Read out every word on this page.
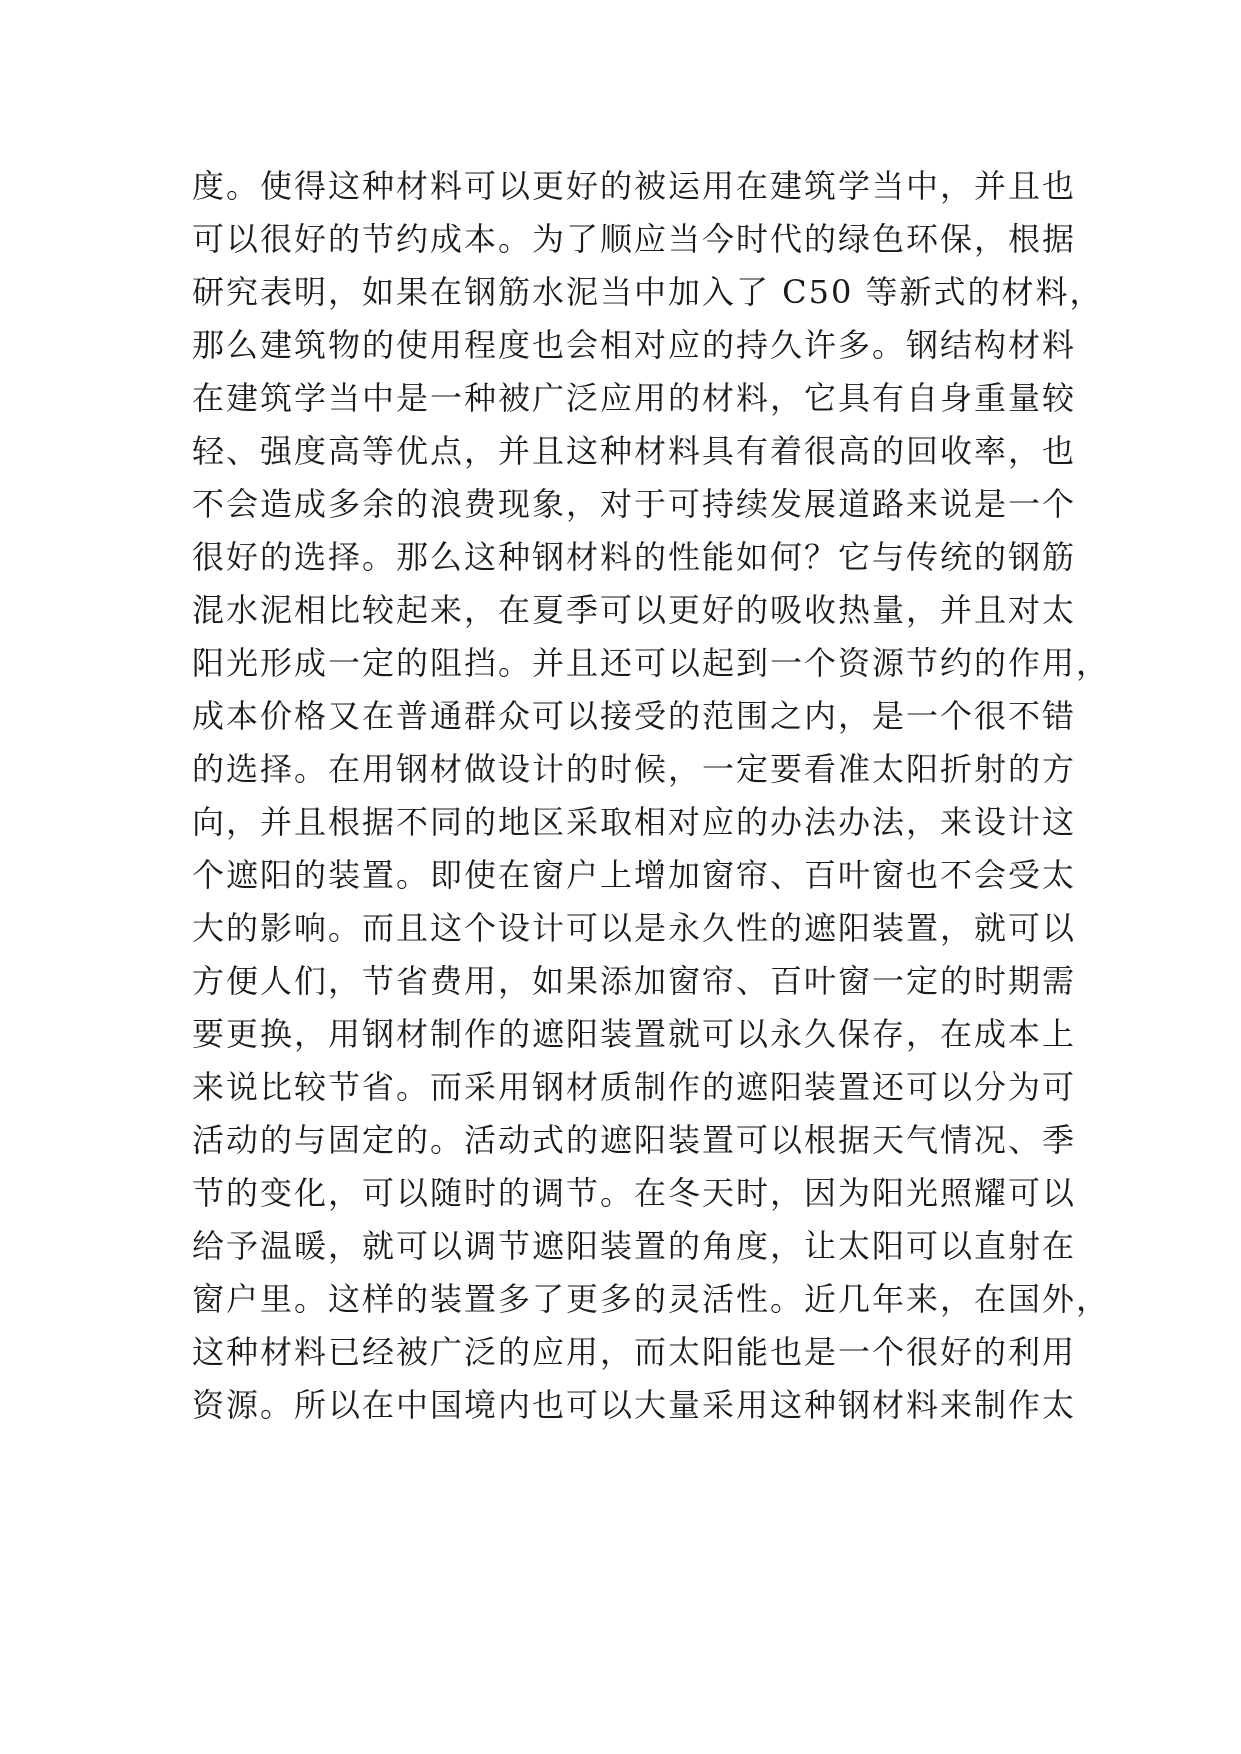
度。使得这种材料可以更好的被运用在建筑学当中，并且也
可以很好的节约成本。为了顺应当今时代的绿色环保，根据
研究表明，如果在钢筋水泥当中加入了 C50 等新式的材料，
那么建筑物的使用程度也会相对应的持久许多。钢结构材料
在建筑学当中是一种被广泛应用的材料，它具有自身重量较
轻、强度高等优点，并且这种材料具有着很高的回收率，也
不会造成多余的浪费现象，对于可持续发展道路来说是一个
很好的选择。那么这种钢材料的性能如何？它与传统的钢筋
混水泥相比较起来，在夏季可以更好的吸收热量，并且对太
阳光形成一定的阻挡。并且还可以起到一个资源节约的作用，
成本价格又在普通群众可以接受的范围之内，是一个很不错
的选择。在用钢材做设计的时候，一定要看准太阳折射的方
向，并且根据不同的地区采取相对应的办法办法，来设计这
个遮阳的装置。即使在窗户上增加窗帘、百叶窗也不会受太
大的影响。而且这个设计可以是永久性的遮阳装置，就可以
方便人们，节省费用，如果添加窗帘、百叶窗一定的时期需
要更换，用钢材制作的遮阳装置就可以永久保存，在成本上
来说比较节省。而采用钢材质制作的遮阳装置还可以分为可
活动的与固定的。活动式的遮阳装置可以根据天气情况、季
节的变化，可以随时的调节。在冬天时，因为阳光照耀可以
给予温暖，就可以调节遮阳装置的角度，让太阳可以直射在
窗户里。这样的装置多了更多的灵活性。近几年来，在国外，
这种材料已经被广泛的应用，而太阳能也是一个很好的利用
资源。所以在中国境内也可以大量采用这种钢材料来制作太
